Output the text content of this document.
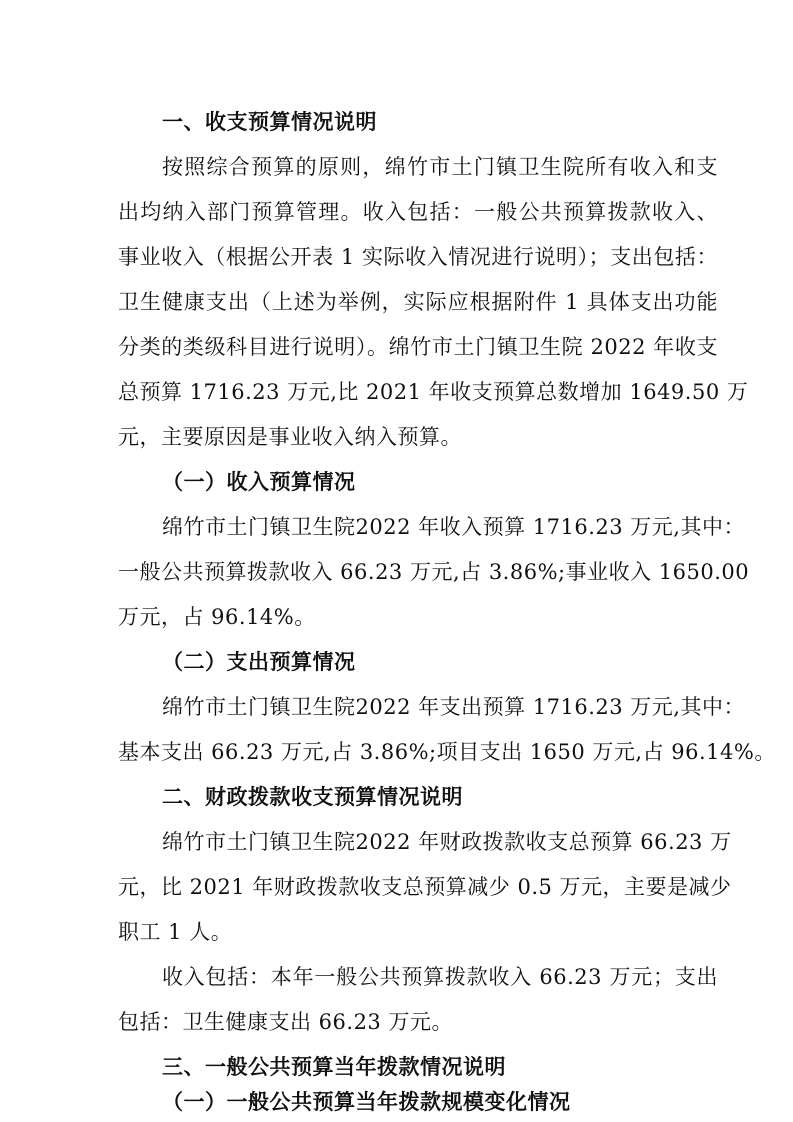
一、收支预算情况说明
按照综合预算的原则，绵竹市土门镇卫生院所有收入和支
出均纳入部门预算管理。收入包括：一般公共预算拨款收入、
事业收入（根据公开表 1 实际收入情况进行说明）；支出包括：
卫生健康支出（上述为举例，实际应根据附件 1 具体支出功能
分类的类级科目进行说明）。绵竹市土门镇卫生院 2022 年收支
总预算 1716.23 万元,比 2021 年收支预算总数增加 1649.50 万
元，主要原因是事业收入纳入预算。
（一）收入预算情况
绵竹市土门镇卫生院2022 年收入预算 1716.23 万元,其中：
一般公共预算拨款收入 66.23 万元,占 3.86%;事业收入 1650.00
万元，占 96.14%。
（二）支出预算情况
绵竹市土门镇卫生院2022 年支出预算 1716.23 万元,其中：
基本支出 66.23 万元,占 3.86%;项目支出 1650 万元,占 96.14%。
二、财政拨款收支预算情况说明
绵竹市土门镇卫生院2022 年财政拨款收支总预算 66.23 万
元，比 2021 年财政拨款收支总预算减少 0.5 万元，主要是减少
职工 1 人。
收入包括：本年一般公共预算拨款收入 66.23 万元；支出
包括：卫生健康支出 66.23 万元。
三、一般公共预算当年拨款情况说明
（一）一般公共预算当年拨款规模变化情况
